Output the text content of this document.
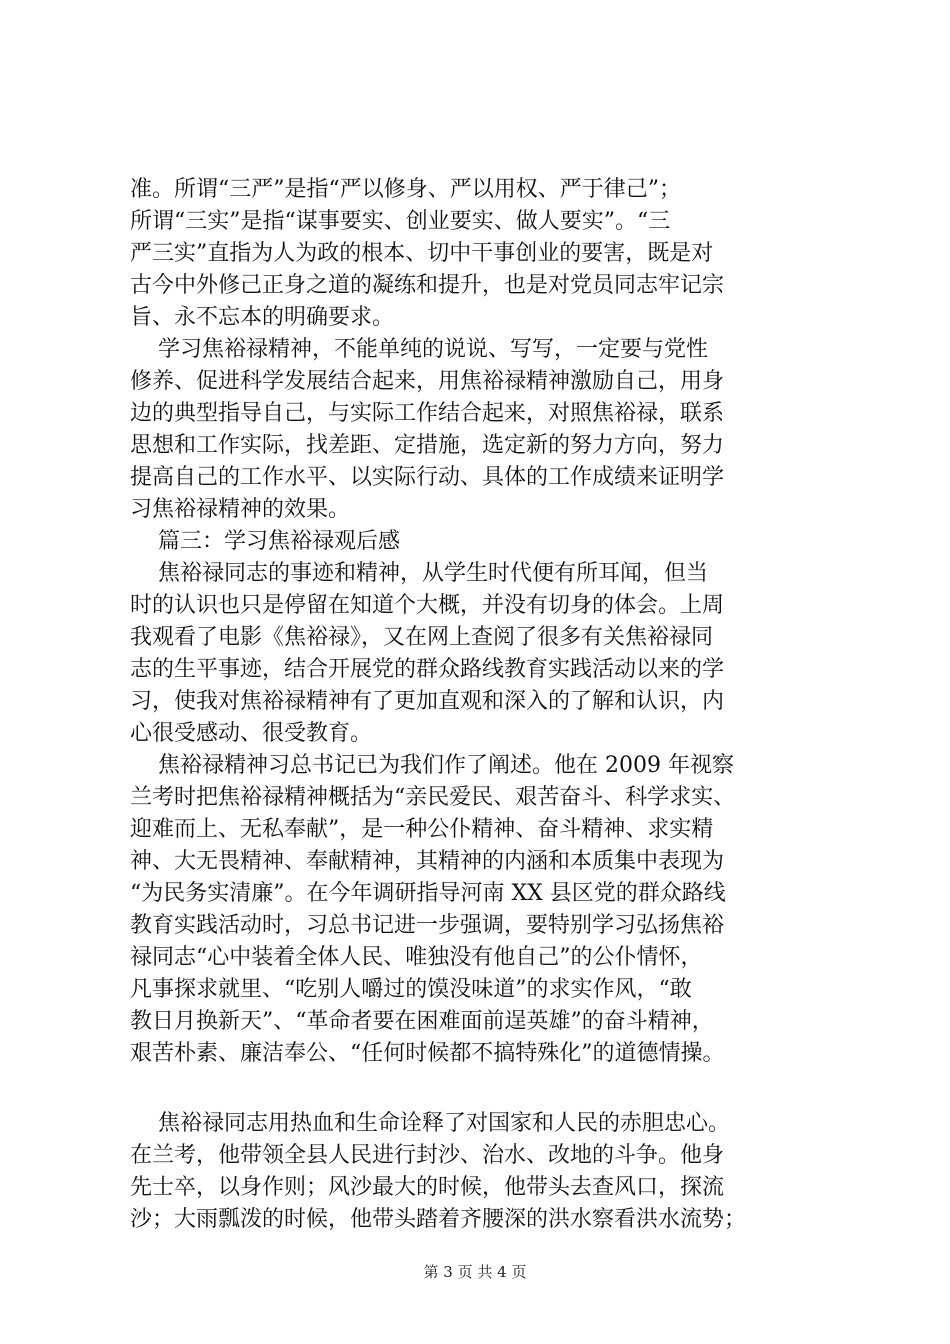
准。所谓“三严”是指“严以修身、严以用权、严于律己”；
所谓“三实”是指“谋事要实、创业要实、做人要实”。“三
严三实”直指为人为政的根本、切中干事创业的要害，既是对
古今中外修己正身之道的凝练和提升，也是对党员同志牢记宗
旨、永不忘本的明确要求。
学习焦裕禄精神，不能单纯的说说、写写，一定要与党性
修养、促进科学发展结合起来，用焦裕禄精神激励自己，用身
边的典型指导自己，与实际工作结合起来，对照焦裕禄，联系
思想和工作实际，找差距、定措施，选定新的努力方向，努力
提高自己的工作水平、以实际行动、具体的工作成绩来证明学
习焦裕禄精神的效果。
篇三：学习焦裕禄观后感
焦裕禄同志的事迹和精神，从学生时代便有所耳闻，但当
时的认识也只是停留在知道个大概，并没有切身的体会。上周
我观看了电影《焦裕禄》，又在网上查阅了很多有关焦裕禄同
志的生平事迹，结合开展党的群众路线教育实践活动以来的学
习，使我对焦裕禄精神有了更加直观和深入的了解和认识，内
心很受感动、很受教育。
焦裕禄精神习总书记已为我们作了阐述。他在 2009 年视察
兰考时把焦裕禄精神概括为“亲民爱民、艰苦奋斗、科学求实、
迎难而上、无私奉献”，是一种公仆精神、奋斗精神、求实精
神、大无畏精神、奉献精神，其精神的内涵和本质集中表现为
“为民务实清廉”。在今年调研指导河南 XX 县区党的群众路线
教育实践活动时，习总书记进一步强调，要特别学习弘扬焦裕
禄同志“心中装着全体人民、唯独没有他自己”的公仆情怀，
凡事探求就里、“吃别人嚼过的馍没味道”的求实作风，“敢
教日月换新天”、“革命者要在困难面前逞英雄”的奋斗精神，
艰苦朴素、廉洁奉公、“任何时候都不搞特殊化”的道德情操。
焦裕禄同志用热血和生命诠释了对国家和人民的赤胆忠心。
在兰考，他带领全县人民进行封沙、治水、改地的斗争。他身
先士卒，以身作则；风沙最大的时候，他带头去查风口，探流
沙；大雨瓢泼的时候，他带头踏着齐腰深的洪水察看洪水流势；
第 3 页 共 4 页
